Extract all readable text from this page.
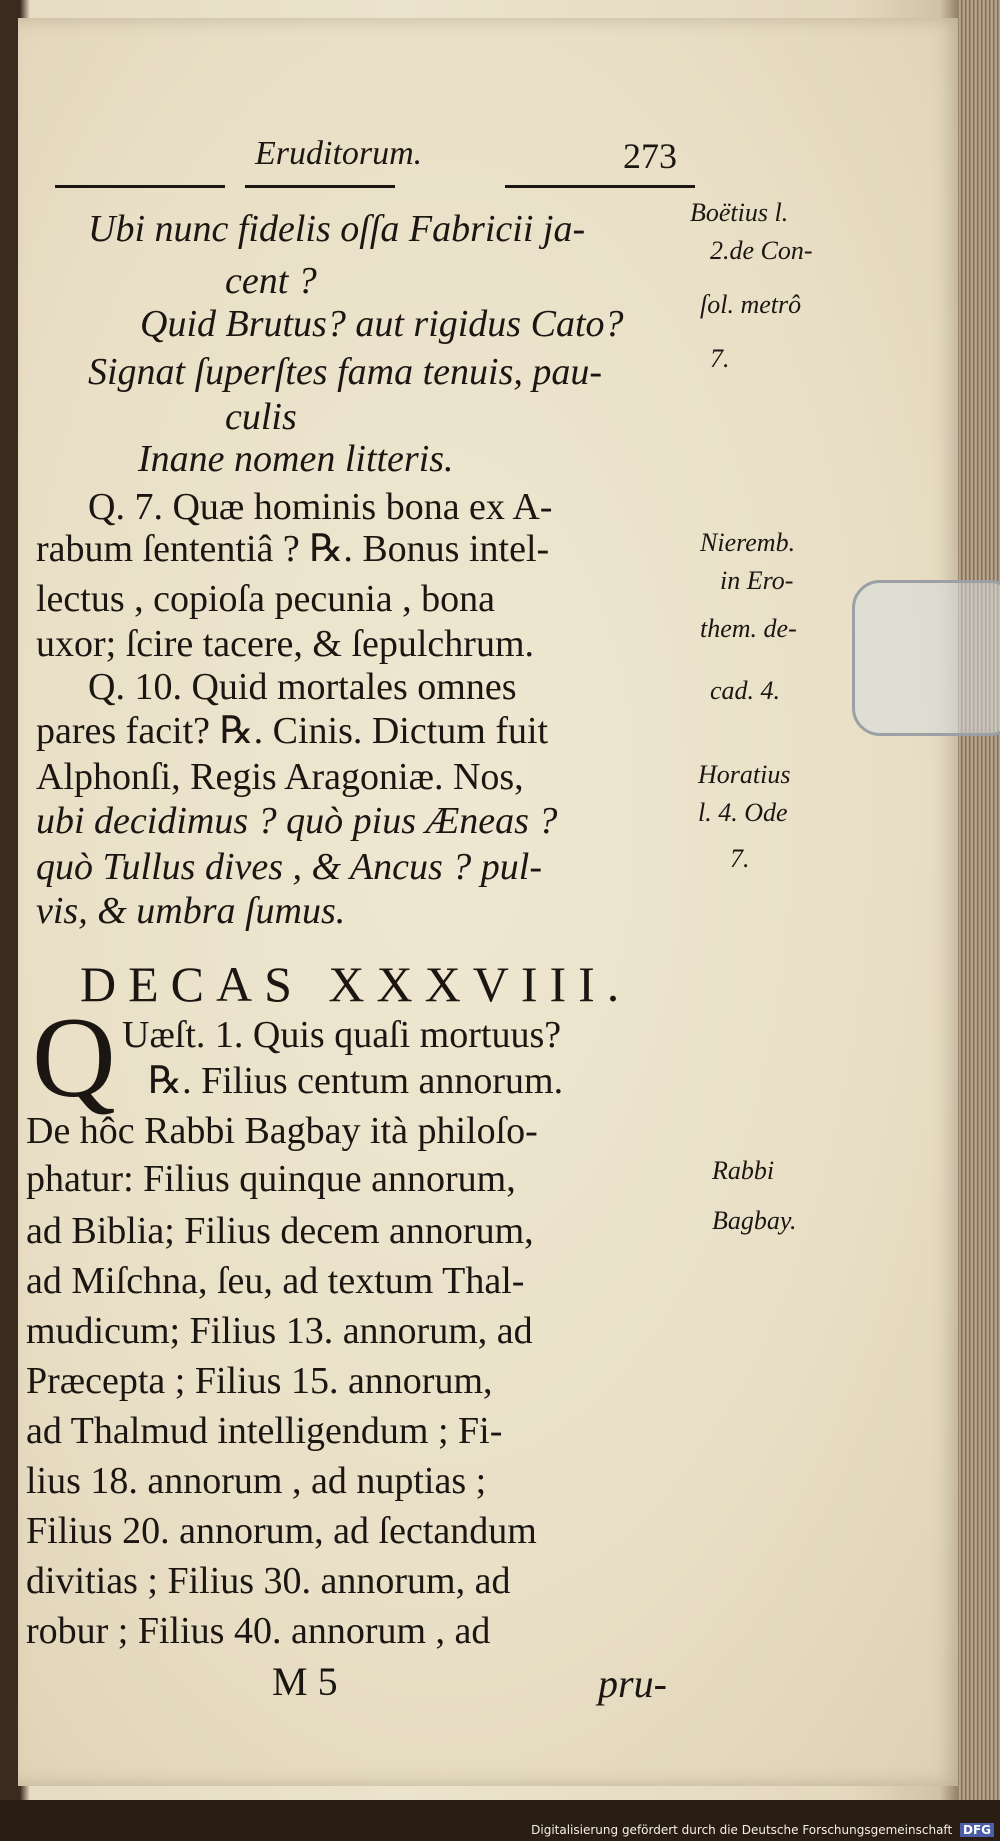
Eruditorum.	273
Ubi nunc fidelis oſſa Fabricii ja-
cent ?
Quid Brutus? aut rigidus Cato?
Signat ſuperſtes fama tenuis, pau-
culis
Inane nomen litteris.
Q. 7. Quæ hominis bona ex A-
rabum ſententiâ ? ℞. Bonus intel-
lectus , copioſa pecunia , bona
uxor; ſcire tacere, & ſepulchrum.
Q. 10. Quid mortales omnes
pares facit? ℞. Cinis. Dictum fuit
Alphonſi, Regis Aragoniæ. Nos,
ubi decidimus ? quò pius Æneas ?
quò Tullus dives , & Ancus ? pul-
vis, & umbra ſumus.
Boëtius l.
2.de Con-
ſol. metrô
7.
Nieremb.
in Ero-
them. de-
cad. 4.
Horatius
l. 4. Ode
7.
Rabbi
Bagbay.
DECAS XXXVIII.
Q Uæſt. 1. Quis quaſi mortuus?
℞. Filius centum annorum.
De hôc Rabbi Bagbay ità philoſo-
phatur: Filius quinque annorum,
ad Biblia; Filius decem annorum,
ad Miſchna, ſeu, ad textum Thal-
mudicum; Filius 13. annorum, ad
Præcepta ; Filius 15. annorum,
ad Thalmud intelligendum ; Fi-
lius 18. annorum , ad nuptias ;
Filius 20. annorum, ad ſectandum
divitias ; Filius 30. annorum, ad
robur ; Filius 40. annorum , ad
M 5	pru-
Digitalisierung gefördert durch die Deutsche Forschungsgemeinschaft DFG
